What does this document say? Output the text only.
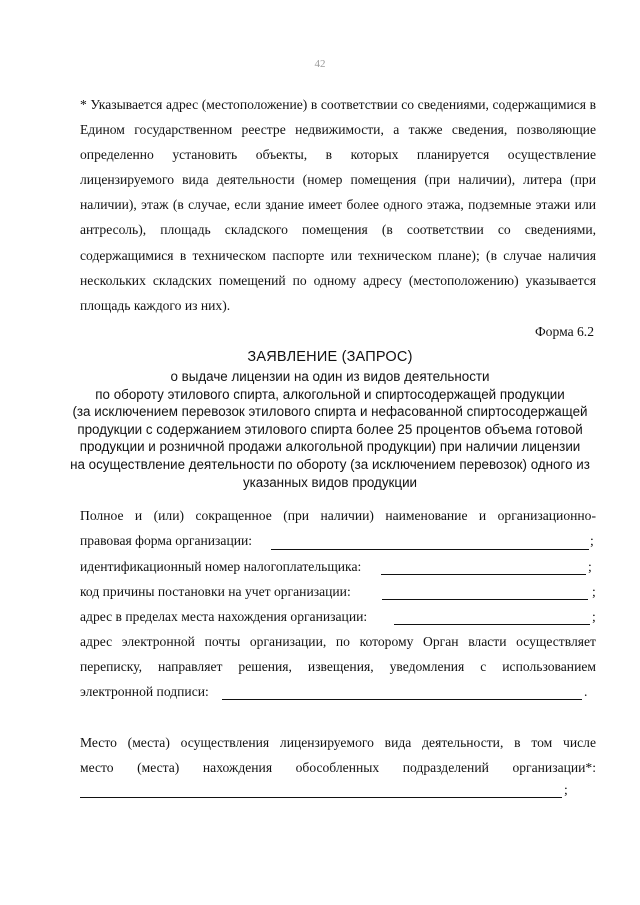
42
* Указывается адрес (местоположение) в соответствии со сведениями, содержащимися в Едином государственном реестре недвижимости, а также сведения, позволяющие определенно установить объекты, в которых планируется осуществление лицензируемого вида деятельности (номер помещения (при наличии), литера (при наличии), этаж (в случае, если здание имеет более одного этажа, подземные этажи или антресоль), площадь складского помещения (в соответствии со сведениями, содержащимися в техническом паспорте или техническом плане); (в случае наличия нескольких складских помещений по одному адресу (местоположению) указывается площадь каждого из них).
Форма 6.2
ЗАЯВЛЕНИЕ (ЗАПРОС)
о выдаче лицензии на один из видов деятельности
по обороту этилового спирта, алкогольной и спиртосодержащей продукции
(за исключением перевозок этилового спирта и нефасованной спиртосодержащей
продукции с содержанием этилового спирта более 25 процентов объема готовой
продукции и розничной продажи алкогольной продукции) при наличии лицензии
на осуществление деятельности по обороту (за исключением перевозок) одного из
указанных видов продукции
Полное и (или) сокращенное (при наличии) наименование и организационно-
правовая форма организации:	;
идентификационный номер налогоплательщика:	;
код причины постановки на учет организации:	;
адрес в пределах места нахождения организации:	;
адрес электронной почты организации, по которому Орган власти осуществляет
переписку, направляет решения, извещения, уведомления с использованием
электронной подписи:	.
Место (места) осуществления лицензируемого вида деятельности, в том числе
место (места) нахождения обособленных подразделений организации*:
;
